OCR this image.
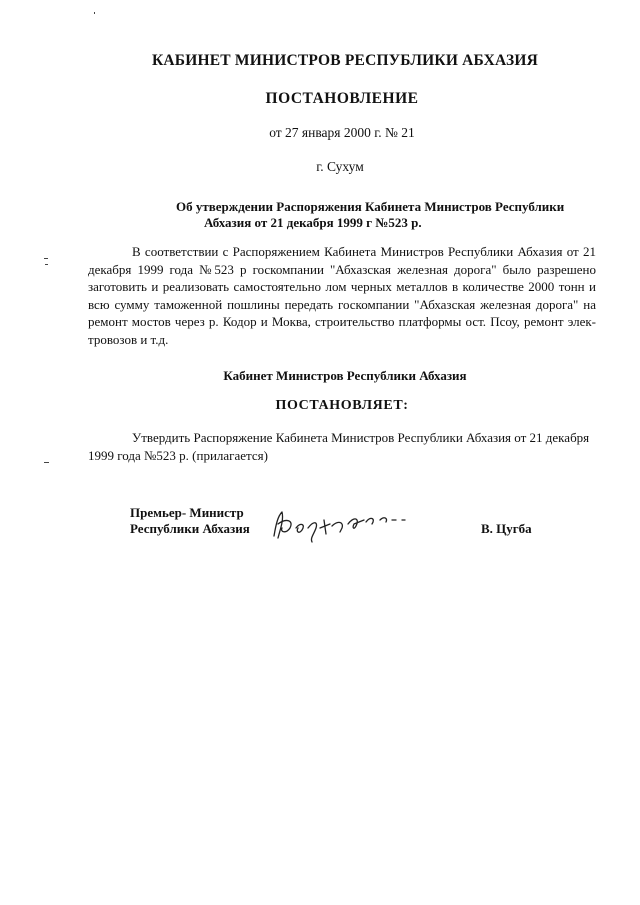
КАБИНЕТ МИНИСТРОВ РЕСПУБЛИКИ АБХАЗИЯ
ПОСТАНОВЛЕНИЕ
от 27 января 2000 г. № 21
г. Сухум
Об утверждении Распоряжения Кабинета Министров Республики
Абхазия от 21 декабря 1999 г №523 р.
В соответствии с Распоряжением Кабинета Министров Республики Абхазия от 21
декабря 1999 года №523 р госкомпании "Абхазская железная дорога" было разрешено
заготовить и реализовать самостоятельно лом черных металлов в количестве 2000 тонн и
всю сумму таможенной пошлины передать госкомпании "Абхазская железная дорога" на
ремонт мостов через р. Кодор и Моква, строительство платформы ост. Псоу, ремонт элек-
тровозов и т.д.
Кабинет Министров Республики Абхазия
ПОСТАНОВЛЯЕТ:
Утвердить Распоряжение Кабинета Министров Республики Абхазия от 21 декабря
1999 года №523 р. (прилагается)
Премьер- Министр
Республики Абхазия	В. Цугба
